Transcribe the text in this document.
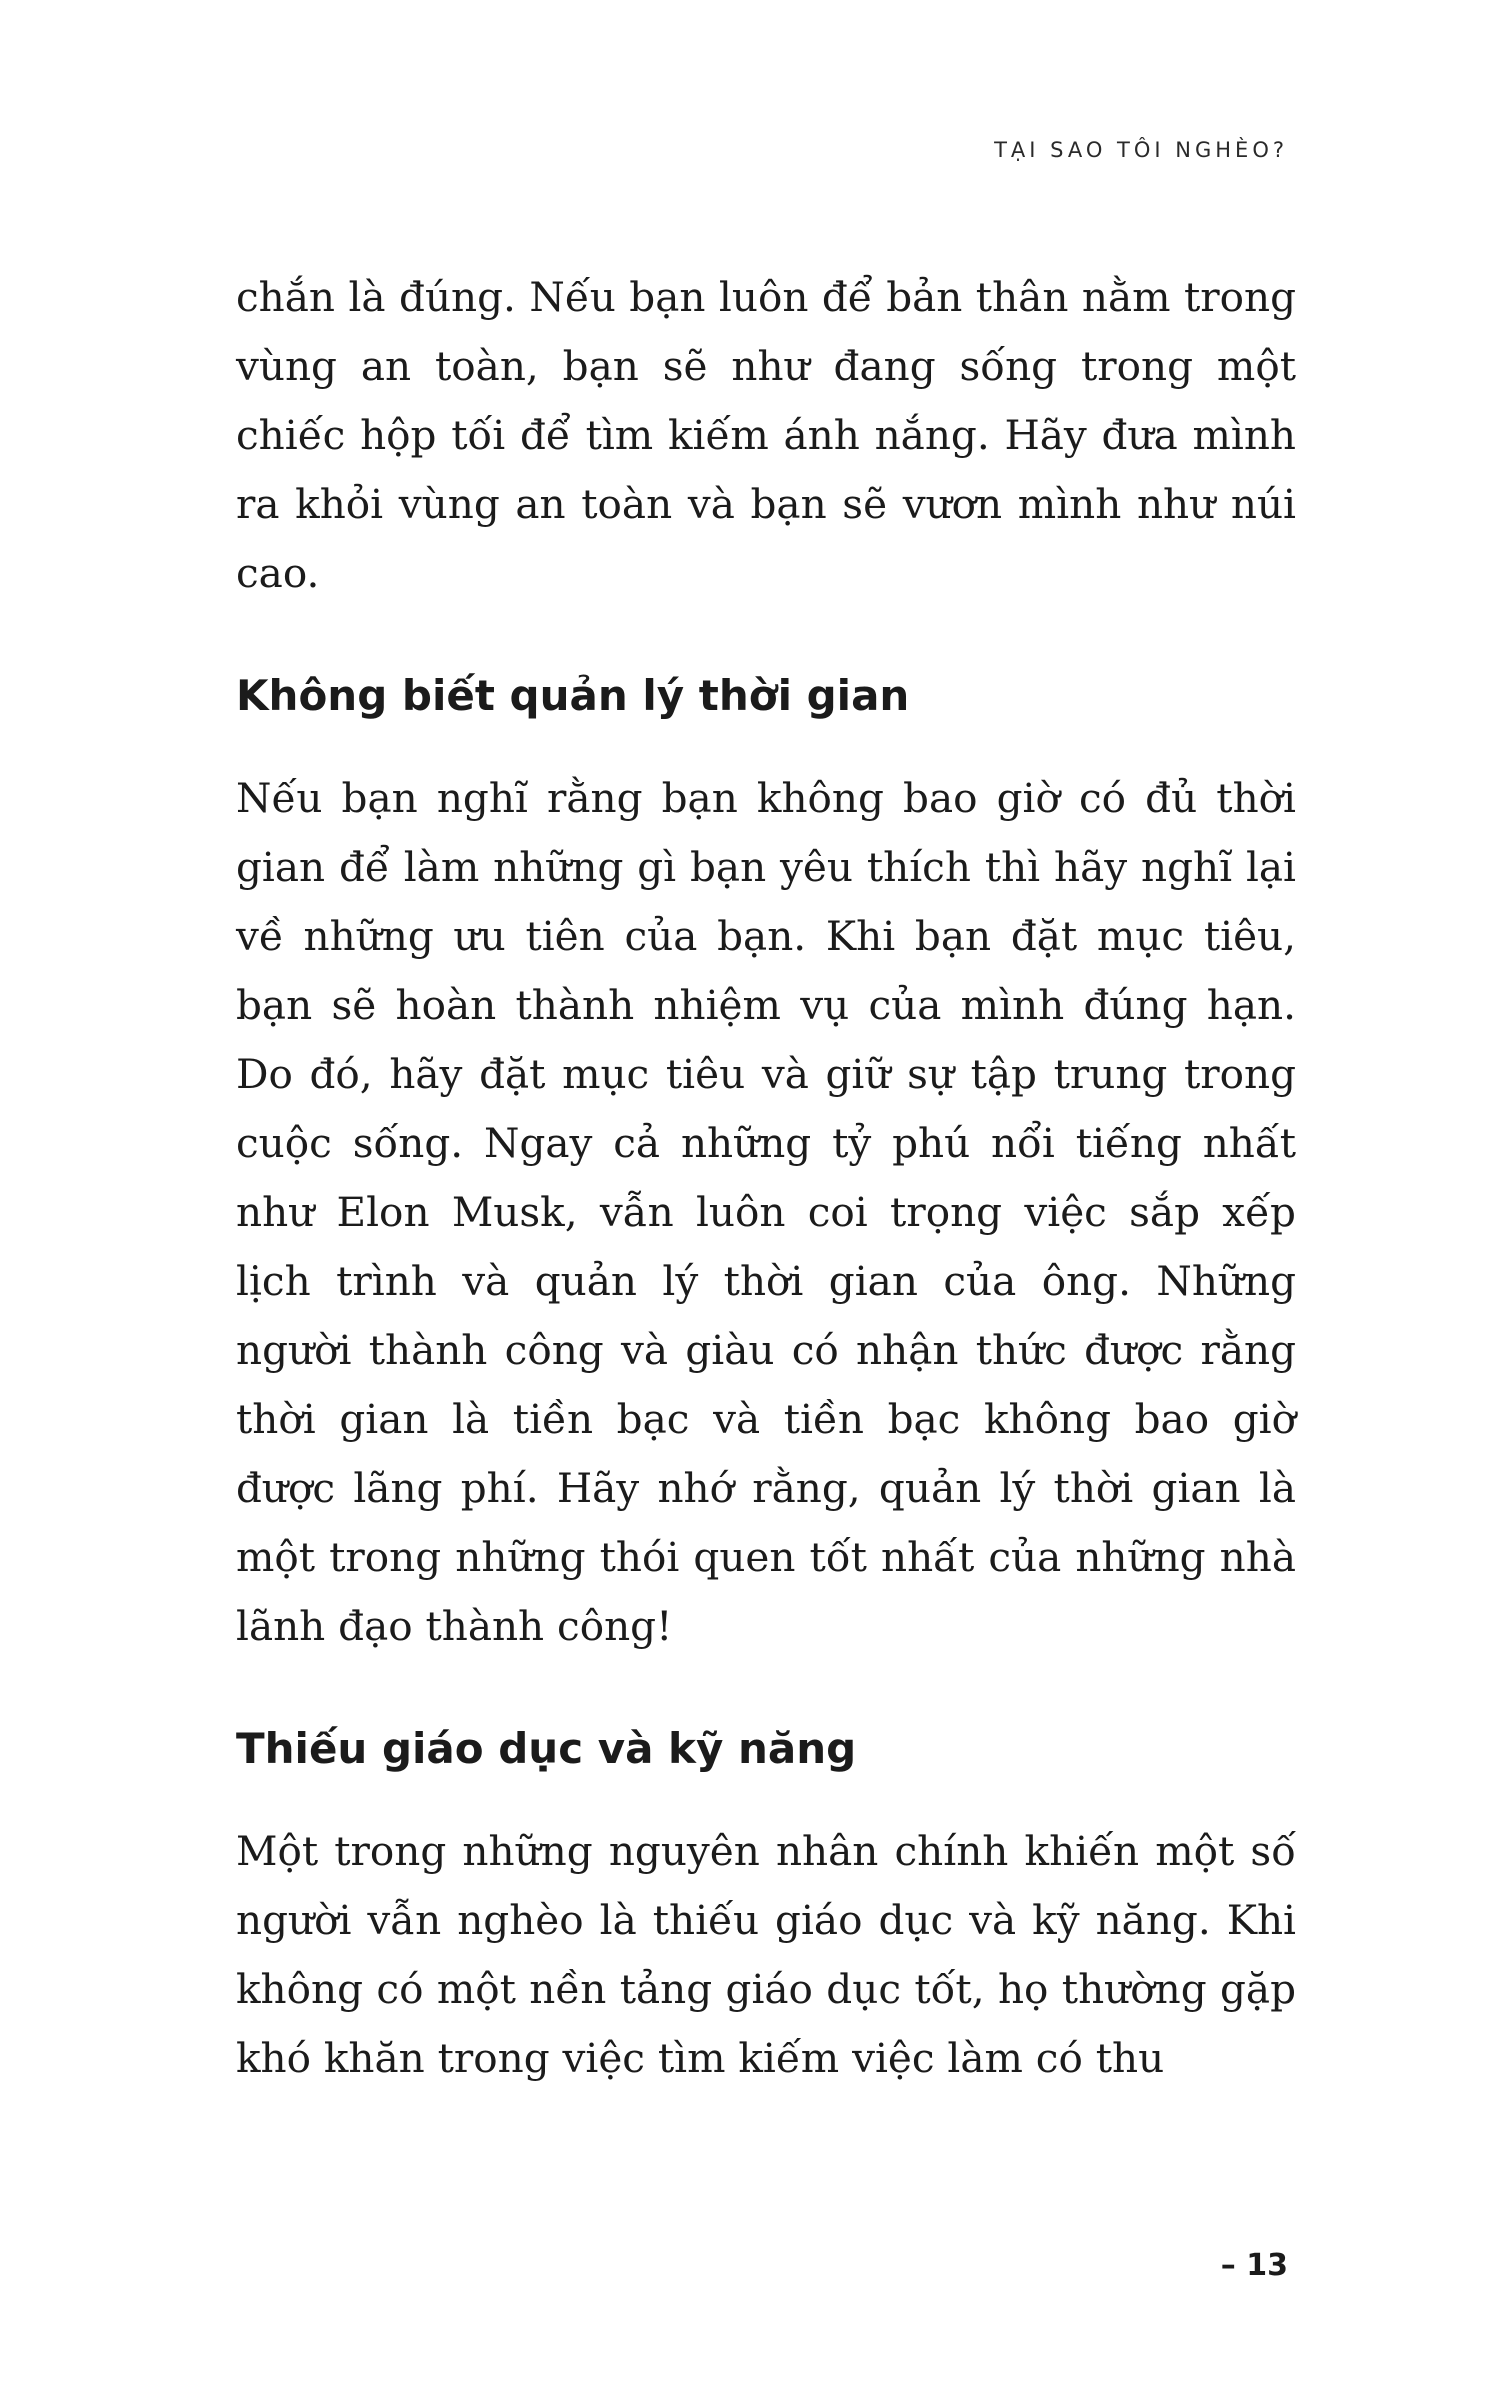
TẠI SAO TÔI NGHÈO?

chắn là đúng. Nếu bạn luôn để bản thân nằm trong vùng an toàn, bạn sẽ như đang sống trong một chiếc hộp tối để tìm kiếm ánh nắng. Hãy đưa mình ra khỏi vùng an toàn và bạn sẽ vươn mình như núi cao.

Không biết quản lý thời gian

Nếu bạn nghĩ rằng bạn không bao giờ có đủ thời gian để làm những gì bạn yêu thích thì hãy nghĩ lại về những ưu tiên của bạn. Khi bạn đặt mục tiêu, bạn sẽ hoàn thành nhiệm vụ của mình đúng hạn. Do đó, hãy đặt mục tiêu và giữ sự tập trung trong cuộc sống. Ngay cả những tỷ phú nổi tiếng nhất như Elon Musk, vẫn luôn coi trọng việc sắp xếp lịch trình và quản lý thời gian của ông. Những người thành công và giàu có nhận thức được rằng thời gian là tiền bạc và tiền bạc không bao giờ được lãng phí. Hãy nhớ rằng, quản lý thời gian là một trong những thói quen tốt nhất của những nhà lãnh đạo thành công!

Thiếu giáo dục và kỹ năng

Một trong những nguyên nhân chính khiến một số người vẫn nghèo là thiếu giáo dục và kỹ năng. Khi không có một nền tảng giáo dục tốt, họ thường gặp khó khăn trong việc tìm kiếm việc làm có thu

– 13
